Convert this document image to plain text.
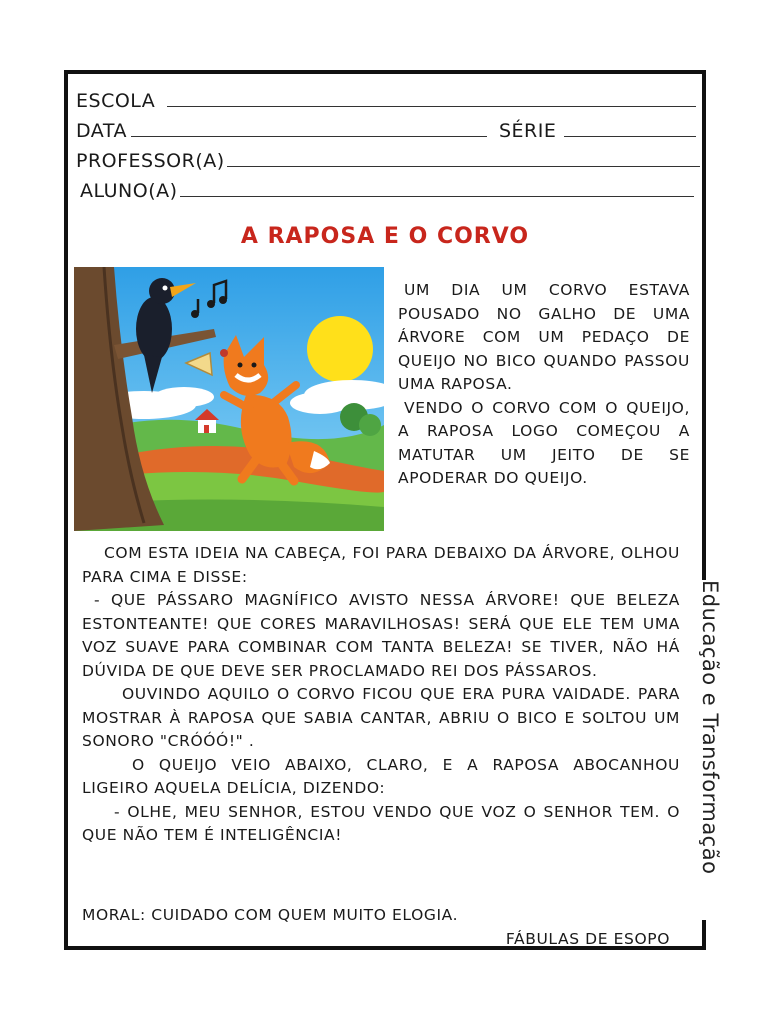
ESCOLA
DATA	SÉRIE
PROFESSOR(A)
ALUNO(A)
A RAPOSA E O CORVO

UM DIA UM CORVO ESTAVA POUSADO NO GALHO DE UMA ÁRVORE COM UM PEDAÇO DE QUEIJO NO BICO QUANDO PASSOU UMA RAPOSA.

VENDO O CORVO COM O QUEIJO, A RAPOSA LOGO COMEÇOU A MATUTAR UM JEITO DE SE APODERAR DO QUEIJO.

COM ESTA IDEIA NA CABEÇA, FOI PARA DEBAIXO DA ÁRVORE, OLHOU PARA CIMA E DISSE:

- QUE PÁSSARO MAGNÍFICO AVISTO NESSA ÁRVORE! QUE BELEZA ESTONTEANTE! QUE CORES MARAVILHOSAS! SERÁ QUE ELE TEM UMA VOZ SUAVE PARA COMBINAR COM TANTA BELEZA! SE TIVER, NÃO HÁ DÚVIDA DE QUE DEVE SER PROCLAMADO REI DOS PÁSSAROS.

OUVINDO AQUILO O CORVO FICOU QUE ERA PURA VAIDADE. PARA MOSTRAR À RAPOSA QUE SABIA CANTAR, ABRIU O BICO E SOLTOU UM SONORO "CRÓÓÓ!" .

O QUEIJO VEIO ABAIXO, CLARO, E A RAPOSA ABOCANHOU LIGEIRO AQUELA DELÍCIA, DIZENDO:

- OLHE, MEU SENHOR, ESTOU VENDO QUE VOZ O SENHOR TEM. O QUE NÃO TEM É INTELIGÊNCIA!

MORAL: CUIDADO COM QUEM MUITO ELOGIA.
FÁBULAS DE ESOPO
Educação e Transformação
